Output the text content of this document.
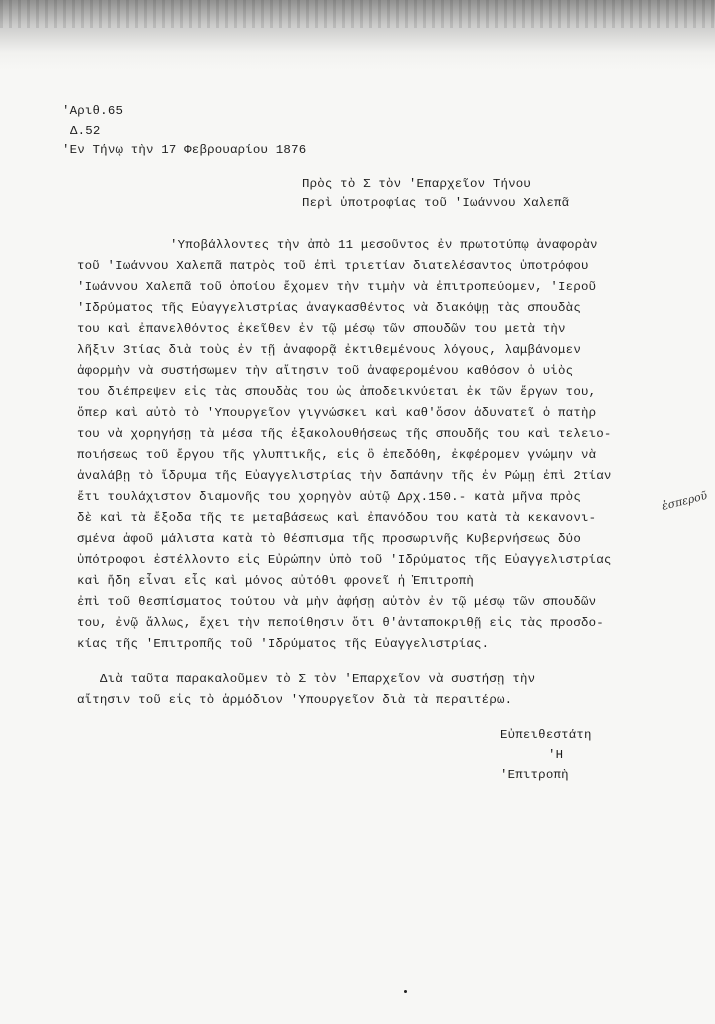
'Αριθ.65
Δ.52
'Εν Τήνῳ τὴν 17 Φεβρουαρίου 1876
Πρὸς τὸ Σ τὸν 'Επαρχεῖον Τήνου
Περὶ ὑποτροφίας τοῦ 'Ιωάννου Χαλεπᾶ
'Υποβάλλοντες τὴν ἀπὸ 11 μεσοῦντος ἐν πρωτοτύπῳ ἀναφορὰν
τοῦ 'Ιωάννου Χαλεπᾶ πατρὸς τοῦ ἐπὶ τριετίαν διατελέσαντος ὑποτρόφου
'Ιωάννου Χαλεπᾶ τοῦ ὁποίου ἔχομεν τὴν τιμὴν νὰ ἐπιτροπεύομεν, 'Ιεροῦ
'Ιδρύματος τῆς Εὐαγγελιστρίας ἀναγκασθέντος νὰ διακόψῃ τὰς σπουδὰς
του καὶ ἐπανελθόντος ἐκεῖθεν ἐν τῷ μέσῳ τῶν σπουδῶν του μετὰ τὴν
λῆξιν 3τίας διὰ τοὺς ἐν τῇ ἀναφορᾷ ἐκτιθεμένους λόγους, λαμβάνομεν
ἀφορμὴν νὰ συστήσωμεν τὴν αἴτησιν τοῦ ἀναφερομένου καθόσον ὁ υἱὸς
του διέπρεψεν εἰς τὰς σπουδὰς του ὡς ἀποδεικνύεται ἐκ τῶν ἔργων του,
ὅπερ καὶ αὐτὸ τὸ 'Υπουργεῖον γιγνώσκει καὶ καθ'ὅσον ἀδυνατεῖ ὁ πατὴρ
του νὰ χορηγήσῃ τὰ μέσα τῆς ἐξακολουθήσεως τῆς σπουδῆς του καὶ τελειο-
ποιήσεως τοῦ ἔργου τῆς γλυπτικῆς, εἰς ὃ ἐπεδόθη, ἐκφέρομεν γνώμην νὰ
ἀναλάβῃ τὸ ἵδρυμα τῆς Εὐαγγελιστρίας τὴν δαπάνην τῆς ἐν Ρώμῃ ἐπὶ 2τίαν
ἔτι τουλάχιστον διαμονῆς του χορηγὸν αὐτῷ Δρχ.150.- κατὰ μῆνα πρὸς
δὲ καὶ τὰ ἔξοδα τῆς τε μεταβάσεως καὶ ἐπανόδου του κατὰ τὰ κεκανονι-
σμένα ἀφοῦ μάλιστα κατὰ τὸ θέσπισμα τῆς προσωρινῆς Κυβερνήσεως δύο
ὑπότροφοι ἐστέλλοντο εἰς Εὐρώπην ὑπὸ τοῦ 'Ιδρύματος τῆς Εὐαγγελιστρίας
καὶ ἤδη εἶναι εἷς καὶ μόνος αὐτόθι φρονεῖ ἡ Ἐπιτροπὴ
ἐπὶ τοῦ θεσπίσματος τούτου νὰ μὴν ἀφήσῃ αὐτὸν ἐν τῷ μέσῳ τῶν σπουδῶν
του, ἐνῷ ἄλλως, ἔχει τὴν πεποίθησιν ὅτι θ'ἀνταποκριθῇ εἰς τὰς προσδο-
κίας τῆς 'Επιτροπῆς τοῦ 'Ιδρύματος τῆς Εὐαγγελιστρίας.
Διὰ ταῦτα παρακαλοῦμεν τὸ Σ τὸν 'Επαρχεῖον νὰ συστήσῃ τὴν
αἴτησιν τοῦ εἰς τὸ ἁρμόδιον 'Υπουργεῖον διὰ τὰ περαιτέρω.
Εὐπειθεστάτη
'Η
'Επιτροπὴ
ἐσπεροῦ
